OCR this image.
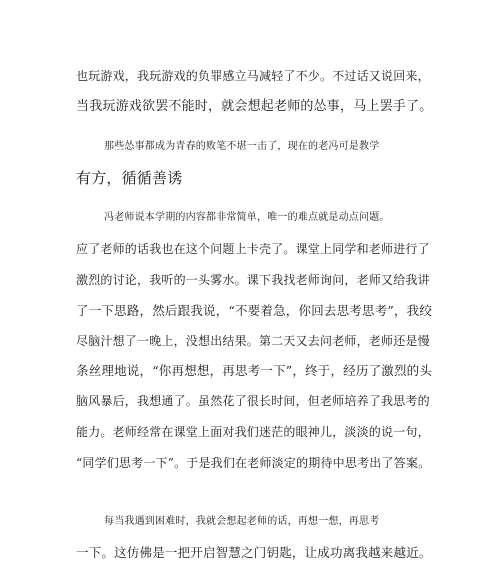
也玩游戏，我玩游戏的负罪感立马减轻了不少。不过话又说回来，
当我玩游戏欲罢不能时，就会想起老师的怂事，马上罢手了。
那些怂事都成为青春的败笔不堪一击了，现在的老冯可是教学
有方，循循善诱
冯老师说本学期的内容都非常简单，唯一的难点就是动点问题。
应了老师的话我也在这个问题上卡壳了。课堂上同学和老师进行了
激烈的讨论，我听的一头雾水。课下我找老师询问，老师又给我讲
了一下思路，然后跟我说，“不要着急，你回去思考思考”，我绞
尽脑汁想了一晚上，没想出结果。第二天又去问老师，老师还是慢
条丝理地说，“你再想想，再思考一下”，终于，经历了激烈的头
脑风暴后，我想通了。虽然花了很长时间，但老师培养了我思考的
能力。老师经常在课堂上面对我们迷茫的眼神儿，淡淡的说一句，
“同学们思考一下”。于是我们在老师淡定的期待中思考出了答案。
每当我遇到困难时，我就会想起老师的话，再想一想，再思考
一下。这仿佛是一把开启智慧之门钥匙，让成功离我越来越近。
